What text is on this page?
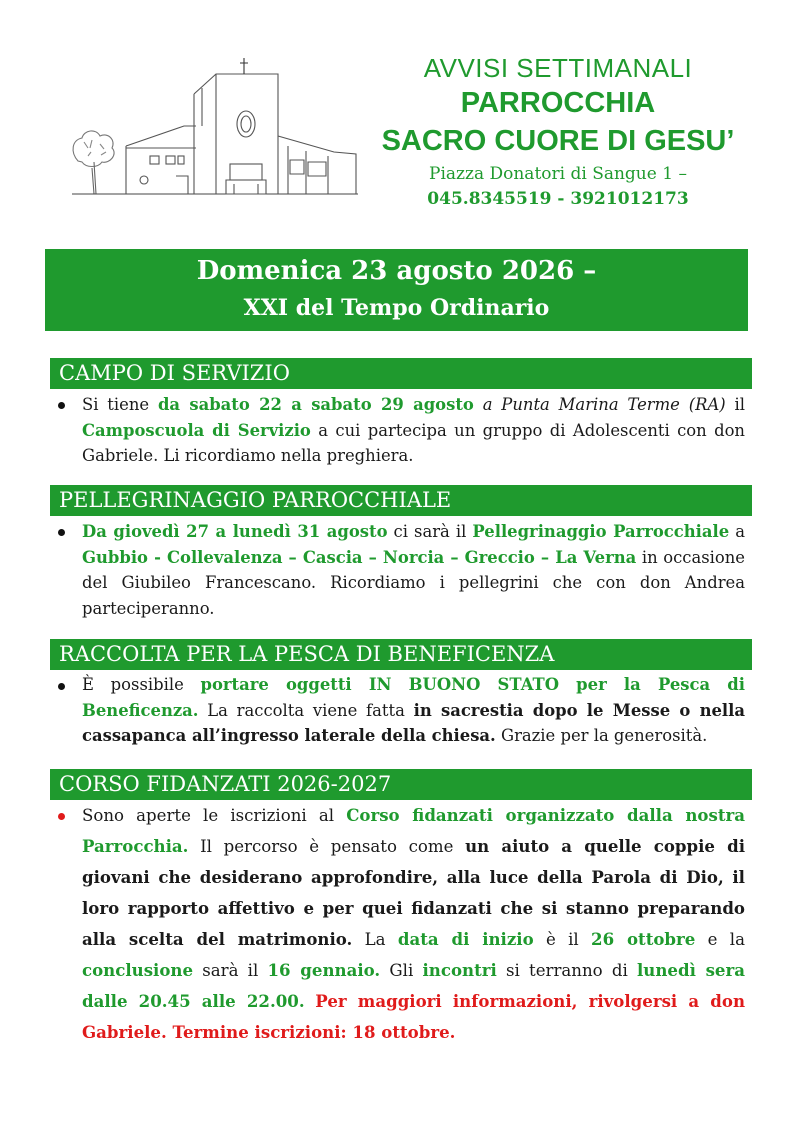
AVVISI SETTIMANALI
PARROCCHIA
SACRO CUORE DI GESU’
Piazza Donatori di Sangue 1 –
045.8345519 - 3921012173
Domenica 23 agosto 2026 –
XXI del Tempo Ordinario
CAMPO DI SERVIZIO
Si tiene da sabato 22 a sabato 29 agosto a Punta Marina Terme (RA) il Camposcuola di Servizio a cui partecipa un gruppo di Adolescenti con don Gabriele. Li ricordiamo nella preghiera.
PELLEGRINAGGIO PARROCCHIALE
Da giovedì 27 a lunedì 31 agosto ci sarà il Pellegrinaggio Parrocchiale a Gubbio - Collevalenza – Cascia – Norcia – Greccio – La Verna in occasione del Giubileo Francescano. Ricordiamo i pellegrini che con don Andrea parteciperanno.
RACCOLTA PER LA PESCA DI BENEFICENZA
È possibile portare oggetti IN BUONO STATO per la Pesca di Beneficenza. La raccolta viene fatta in sacrestia dopo le Messe o nella cassapanca all’ingresso laterale della chiesa. Grazie per la generosità.
CORSO FIDANZATI 2026-2027
Sono aperte le iscrizioni al Corso fidanzati organizzato dalla nostra Parrocchia. Il percorso è pensato come un aiuto a quelle coppie di giovani che desiderano approfondire, alla luce della Parola di Dio, il loro rapporto affettivo e per quei fidanzati che si stanno preparando alla scelta del matrimonio. La data di inizio è il 26 ottobre e la conclusione sarà il 16 gennaio. Gli incontri si terranno di lunedì sera dalle 20.45 alle 22.00. Per maggiori informazioni, rivolgersi a don Gabriele. Termine iscrizioni: 18 ottobre.
